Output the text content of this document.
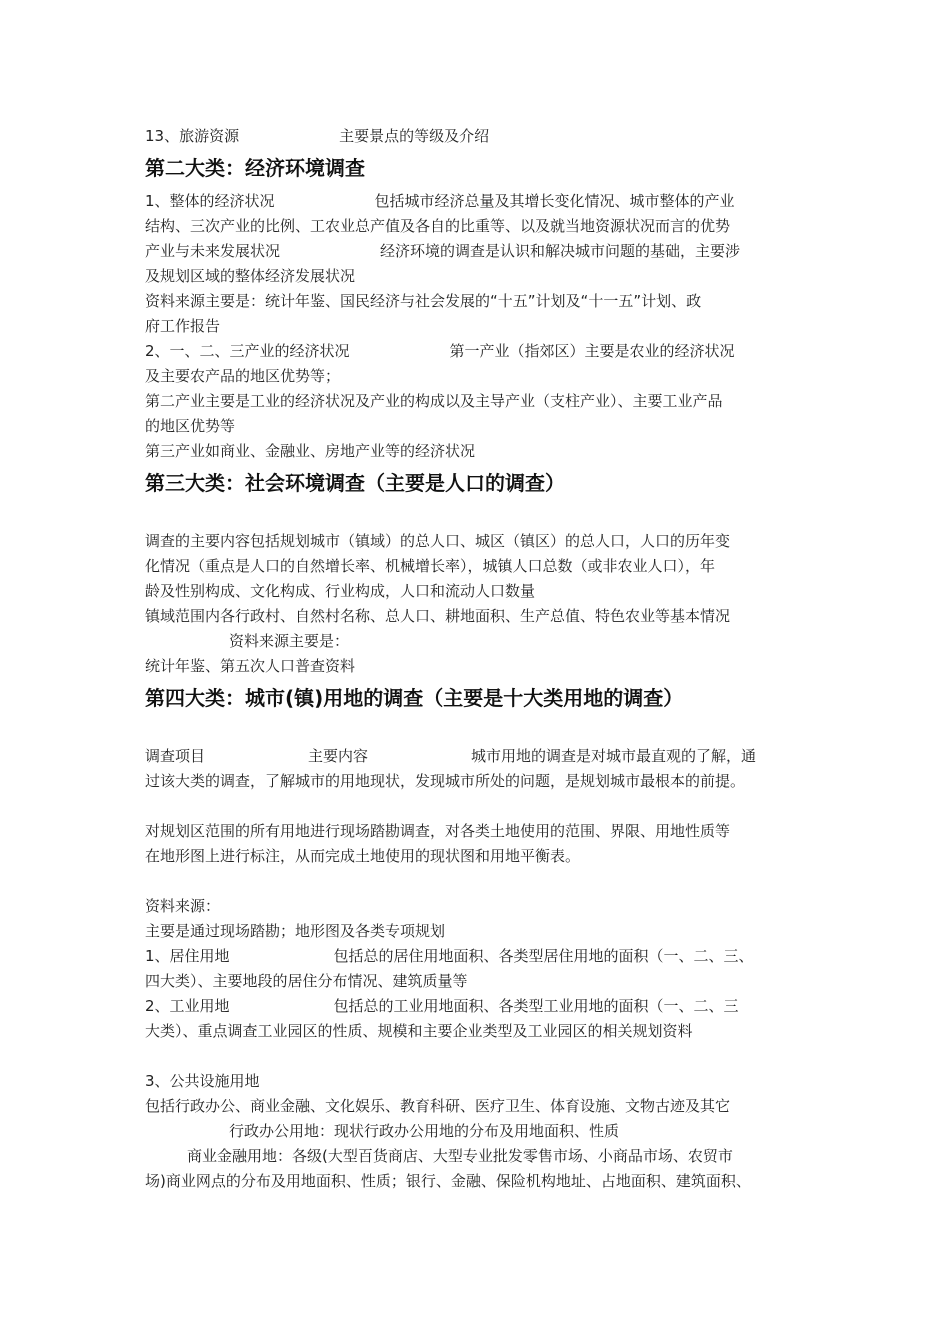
13、旅游资源	主要景点的等级及介绍
第二大类：经济环境调查
1、整体的经济状况	包括城市经济总量及其增长变化情况、城市整体的产业
结构、三次产业的比例、工农业总产值及各自的比重等、以及就当地资源状况而言的优势
产业与未来发展状况	经济环境的调查是认识和解决城市问题的基础，主要涉
及规划区域的整体经济发展状况
资料来源主要是：统计年鉴、国民经济与社会发展的“十五”计划及“十一五”计划、政
府工作报告
2、一、二、三产业的经济状况	第一产业（指郊区）主要是农业的经济状况
及主要农产品的地区优势等；
第二产业主要是工业的经济状况及产业的构成以及主导产业（支柱产业）、主要工业产品
的地区优势等
第三产业如商业、金融业、房地产业等的经济状况
第三大类：社会环境调查（主要是人口的调查）
调查的主要内容包括规划城市（镇域）的总人口、城区（镇区）的总人口，人口的历年变
化情况（重点是人口的自然增长率、机械增长率），城镇人口总数（或非农业人口），年
龄及性别构成、文化构成、行业构成，人口和流动人口数量
镇域范围内各行政村、自然村名称、总人口、耕地面积、生产总值、特色农业等基本情况
资料来源主要是：
统计年鉴、第五次人口普查资料
第四大类：城市(镇)用地的调查（主要是十大类用地的调查）
调查项目	主要内容	城市用地的调查是对城市最直观的了解，通
过该大类的调查，了解城市的用地现状，发现城市所处的问题，是规划城市最根本的前提。
对规划区范围的所有用地进行现场踏勘调查，对各类土地使用的范围、界限、用地性质等
在地形图上进行标注，从而完成土地使用的现状图和用地平衡表。
资料来源：
主要是通过现场踏勘；地形图及各类专项规划
1、居住用地	包括总的居住用地面积、各类型居住用地的面积（一、二、三、
四大类）、主要地段的居住分布情况、建筑质量等
2、工业用地	包括总的工业用地面积、各类型工业用地的面积（一、二、三
大类）、重点调查工业园区的性质、规模和主要企业类型及工业园区的相关规划资料
3、公共设施用地
包括行政办公、商业金融、文化娱乐、教育科研、医疗卫生、体育设施、文物古迹及其它
行政办公用地：现状行政办公用地的分布及用地面积、性质
商业金融用地：各级(大型百货商店、大型专业批发零售市场、小商品市场、农贸市
场)商业网点的分布及用地面积、性质；银行、金融、保险机构地址、占地面积、建筑面积、
